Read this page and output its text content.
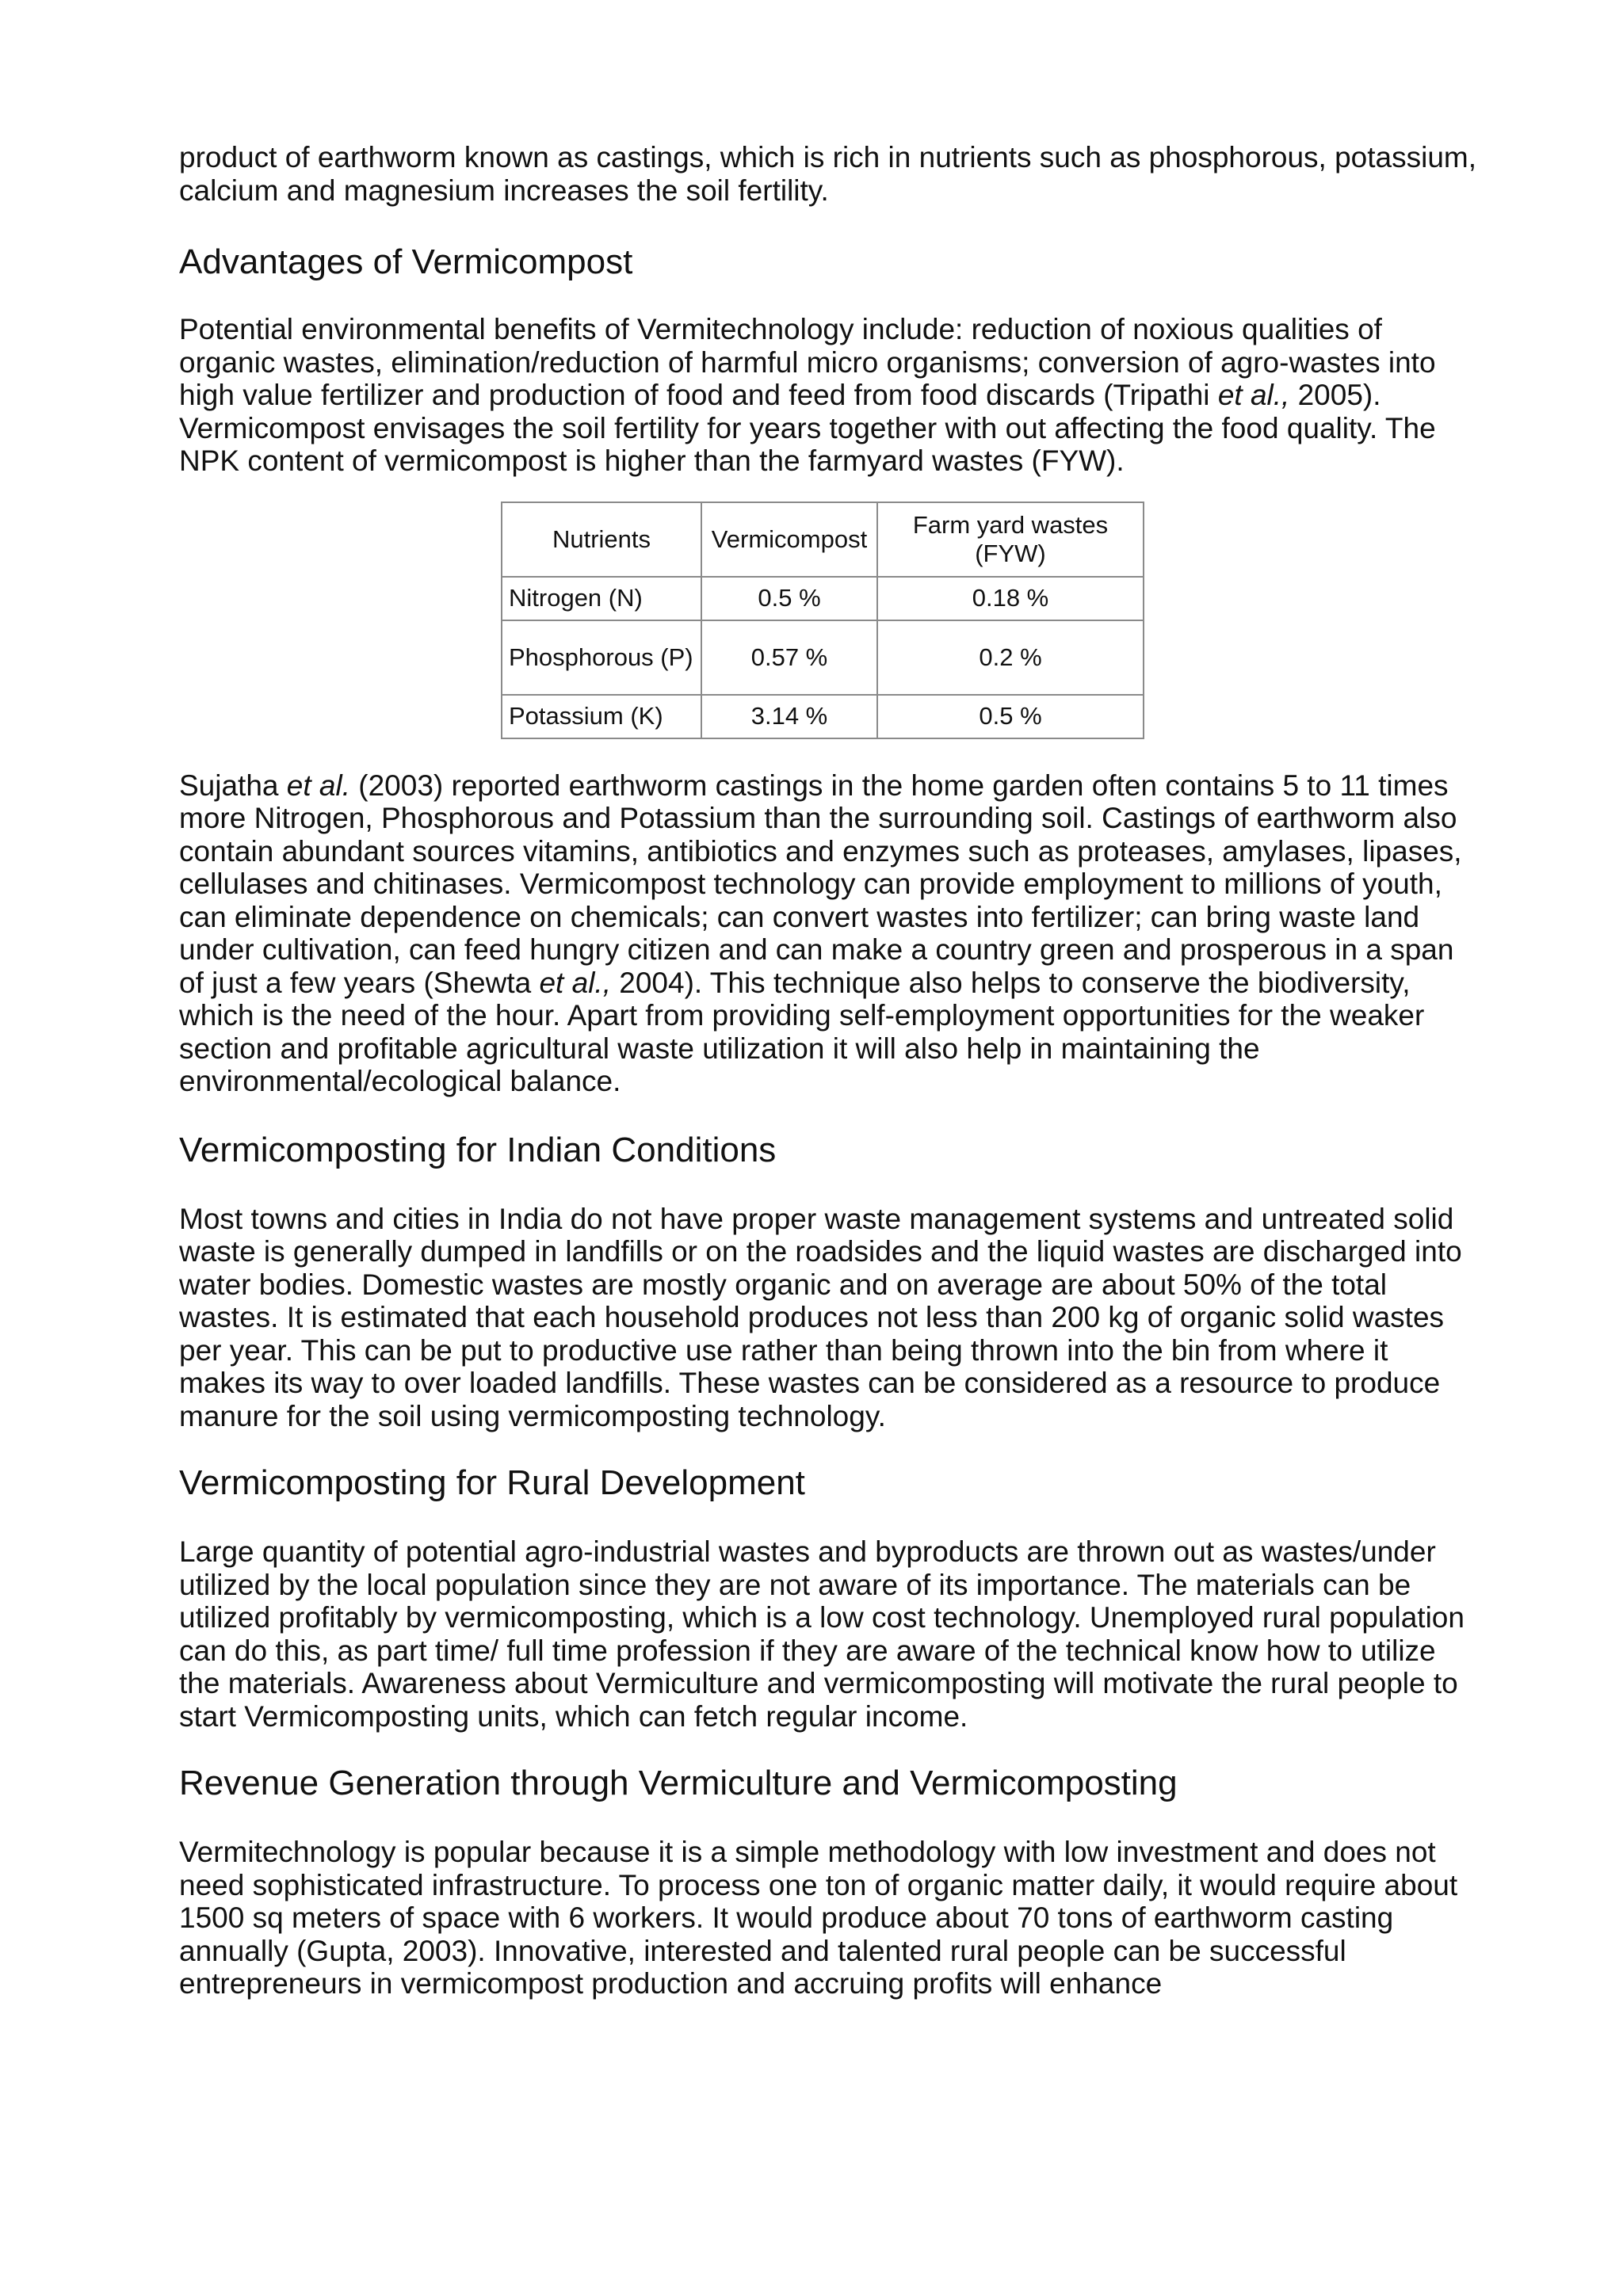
product of earthworm known as castings, which is rich in nutrients such as phosphorous, potassium, calcium and magnesium increases the soil fertility.

Advantages of Vermicompost

Potential environmental benefits of Vermitechnology include: reduction of noxious qualities of organic wastes, elimination/reduction of harmful micro organisms; conversion of agro-wastes into high value fertilizer and production of food and feed from food discards (Tripathi et al., 2005). Vermicompost envisages the soil fertility for years together with out affecting the food quality. The NPK content of vermicompost is higher than the farmyard wastes (FYW).

Nutrients	Vermicompost	Farm yard wastes (FYW)
Nitrogen (N)	0.5 %	0.18 %
Phosphorous (P)	0.57 %	0.2 %
Potassium (K)	3.14 %	0.5 %

Sujatha et al. (2003) reported earthworm castings in the home garden often contains 5 to 11 times more Nitrogen, Phosphorous and Potassium than the surrounding soil. Castings of earthworm also contain abundant sources vitamins, antibiotics and enzymes such as proteases, amylases, lipases, cellulases and chitinases. Vermicompost technology can provide employment to millions of youth, can eliminate dependence on chemicals; can convert wastes into fertilizer; can bring waste land under cultivation, can feed hungry citizen and can make a country green and prosperous in a span of just a few years (Shewta et al., 2004). This technique also helps to conserve the biodiversity, which is the need of the hour. Apart from providing self-employment opportunities for the weaker section and profitable agricultural waste utilization it will also help in maintaining the environmental/ecological balance.

Vermicomposting for Indian Conditions

Most towns and cities in India do not have proper waste management systems and untreated solid waste is generally dumped in landfills or on the roadsides and the liquid wastes are discharged into water bodies. Domestic wastes are mostly organic and on average are about 50% of the total wastes. It is estimated that each household produces not less than 200 kg of organic solid wastes per year. This can be put to productive use rather than being thrown into the bin from where it makes its way to over loaded landfills. These wastes can be considered as a resource to produce manure for the soil using vermicomposting technology.

Vermicomposting for Rural Development

Large quantity of potential agro-industrial wastes and byproducts are thrown out as wastes/under utilized by the local population since they are not aware of its importance. The materials can be utilized profitably by vermicomposting, which is a low cost technology. Unemployed rural population can do this, as part time/ full time profession if they are aware of the technical know how to utilize the materials. Awareness about Vermiculture and vermicomposting will motivate the rural people to start Vermicomposting units, which can fetch regular income.

Revenue Generation through Vermiculture and Vermicomposting

Vermitechnology is popular because it is a simple methodology with low investment and does not need sophisticated infrastructure. To process one ton of organic matter daily, it would require about 1500 sq meters of space with 6 workers. It would produce about 70 tons of earthworm casting annually (Gupta, 2003). Innovative, interested and talented rural people can be successful entrepreneurs in vermicompost production and accruing profits will enhance
